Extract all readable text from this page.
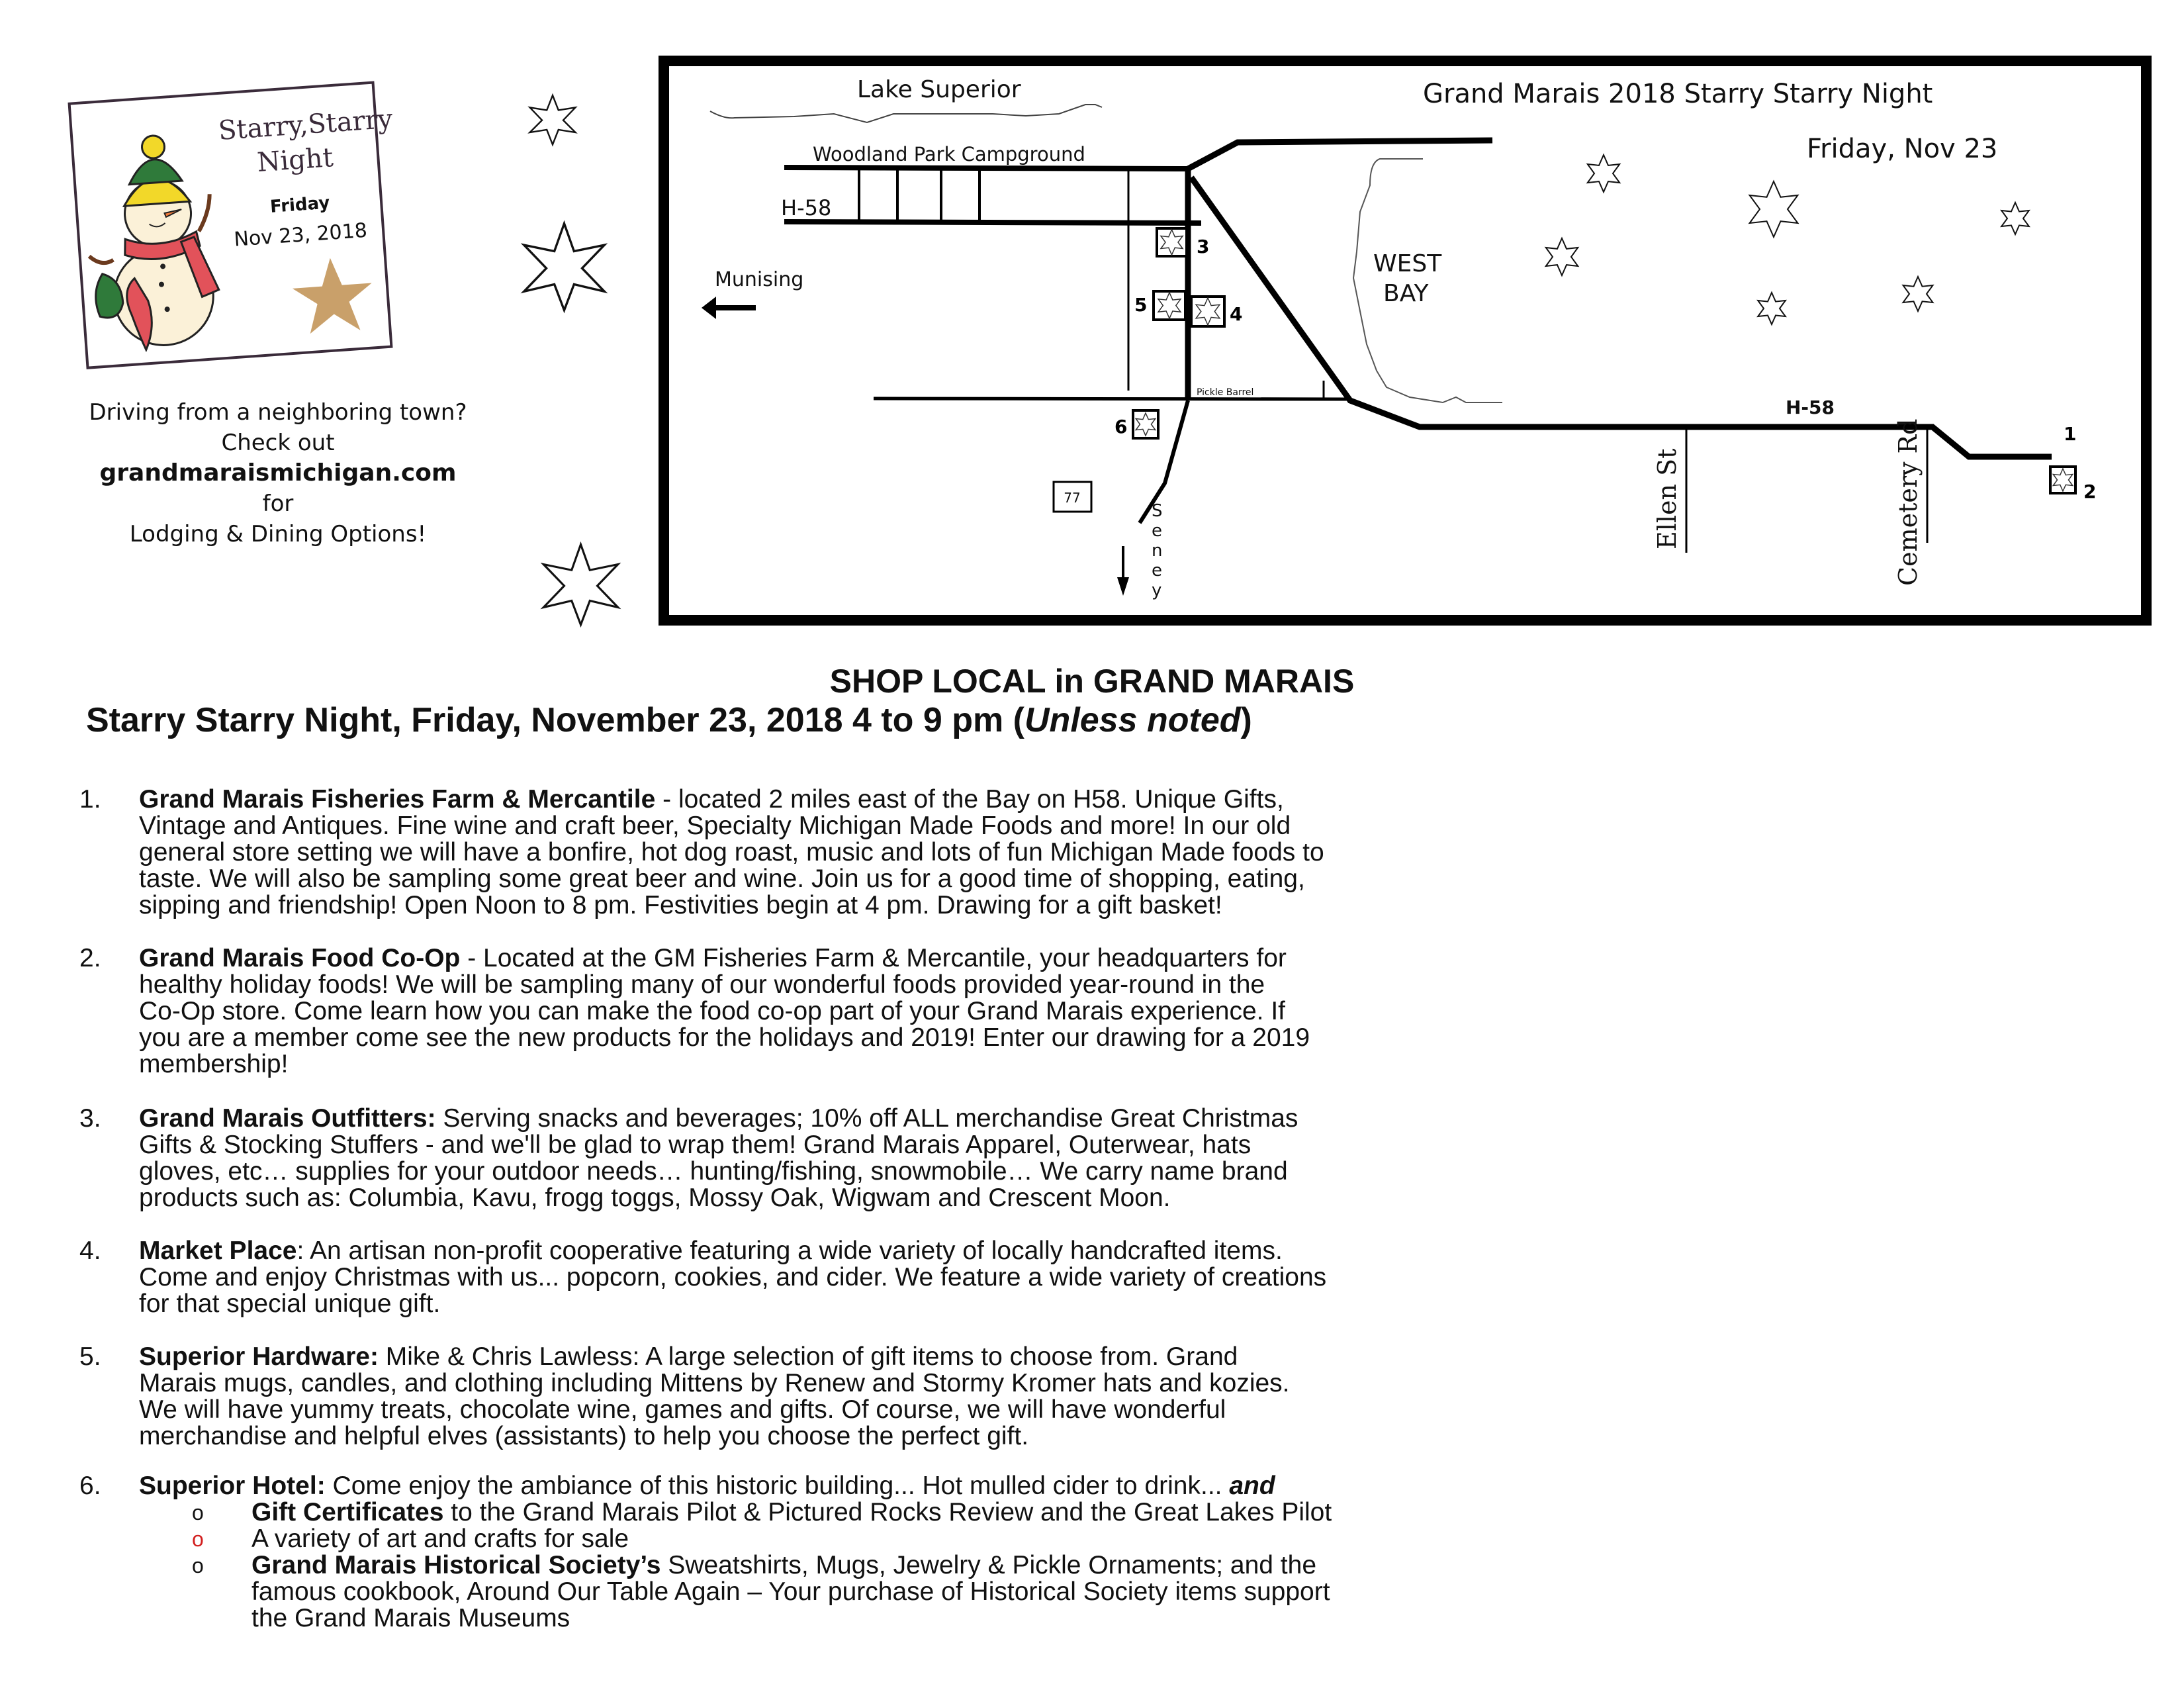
Starry,Starry
Night
Friday
Nov 23, 2018
Driving from a neighboring town?
Check out
grandmaraismichigan.com
for
Lodging & Dining Options!
77
1
2
3
4
5
6
Lake Superior	Grand Marais 2018 Starry Starry Night
Friday, Nov 23
Woodland Park Campground
H-58
Munising
WEST
BAY
Pickle Barrel
H-58
Ellen St	Cemetery Rd
S
e
n
e
y
SHOP LOCAL in GRAND MARAIS
Starry Starry Night, Friday, November 23, 2018 4 to 9 pm (Unless noted)
1.	Grand Marais Fisheries Farm & Mercantile - located 2 miles east of the Bay on H58. Unique Gifts,
Vintage and Antiques. Fine wine and craft beer, Specialty Michigan Made Foods and more! In our old
general store setting we will have a bonfire, hot dog roast, music and lots of fun Michigan Made foods to
taste. We will also be sampling some great beer and wine. Join us for a good time of shopping, eating,
sipping and friendship! Open Noon to 8 pm. Festivities begin at 4 pm. Drawing for a gift basket!
2.	Grand Marais Food Co-Op - Located at the GM Fisheries Farm & Mercantile, your headquarters for
healthy holiday foods! We will be sampling many of our wonderful foods provided year-round in the
Co-Op store. Come learn how you can make the food co-op part of your Grand Marais experience. If
you are a member come see the new products for the holidays and 2019! Enter our drawing for a 2019
membership!
3.	Grand Marais Outfitters: Serving snacks and beverages; 10% off ALL merchandise Great Christmas
Gifts & Stocking Stuffers - and we'll be glad to wrap them! Grand Marais Apparel, Outerwear, hats
gloves, etc… supplies for your outdoor needs… hunting/fishing, snowmobile… We carry name brand
products such as: Columbia, Kavu, frogg toggs, Mossy Oak, Wigwam and Crescent Moon.
4.	Market Place: An artisan non-profit cooperative featuring a wide variety of locally handcrafted items.
Come and enjoy Christmas with us... popcorn, cookies, and cider. We feature a wide variety of creations
for that special unique gift.
5.	Superior Hardware: Mike & Chris Lawless: A large selection of gift items to choose from. Grand
Marais mugs, candles, and clothing including Mittens by Renew and Stormy Kromer hats and kozies.
We will have yummy treats, chocolate wine, games and gifts. Of course, we will have wonderful
merchandise and helpful elves (assistants) to help you choose the perfect gift.
6.	Superior Hotel: Come enjoy the ambiance of this historic building... Hot mulled cider to drink... and
o Gift Certificates to the Grand Marais Pilot & Pictured Rocks Review and the Great Lakes Pilot
o A variety of art and crafts for sale
o Grand Marais Historical Society’s Sweatshirts, Mugs, Jewelry & Pickle Ornaments; and the
famous cookbook, Around Our Table Again – Your purchase of Historical Society items support
the Grand Marais Museums
